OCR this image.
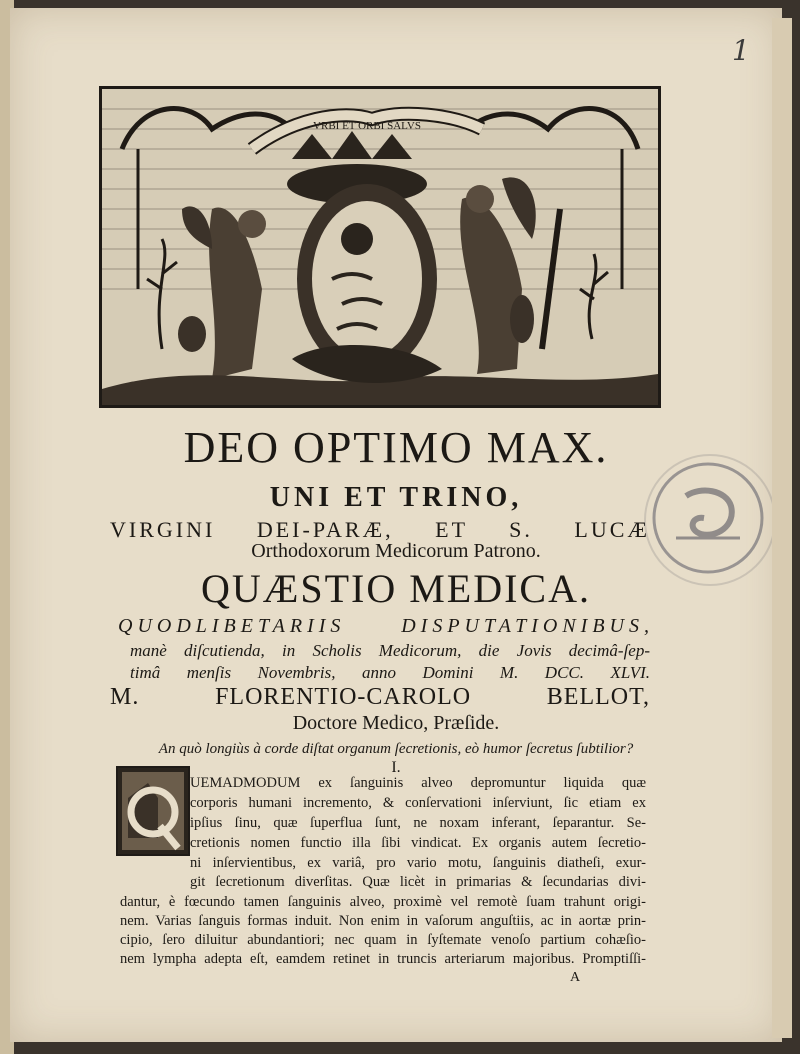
1
VRBI ET ORBI SALVS
DEO OPTIMO MAX.
UNI ET TRINO,
VIRGINI DEI-PARÆ, ET S. LUCÆ
Orthodoxorum Medicorum Patrono.
QUÆSTIO MEDICA.
QUODLIBETARIIS DISPUTATIONIBUS,
manè diſcutienda, in Scholis Medicorum, die Jovis decimâ-ſep-
timâ menſis Novembris, anno Domini M. DCC. XLVI.
M. FLORENTIO-CAROLO BELLOT,
Doctore Medico, Præſide.
An quò longiùs à corde diſtat organum ſecretionis, eò humor ſecretus ſubtilior?
I.
UEMADMODUM ex ſanguinis alveo depromuntur liquida quæ
corporis humani incremento, & conſervationi inſerviunt, ſic etiam ex
ipſius ſinu, quæ ſuperflua ſunt, ne noxam inferant, ſeparantur. Se-
cretionis nomen functio illa ſibi vindicat. Ex organis autem ſecretio-
ni inſervientibus, ex variâ, pro vario motu, ſanguinis diatheſi, exur-
git ſecretionum diverſitas. Quæ licèt in primarias & ſecundarias divi-
dantur, è fœcundo tamen ſanguinis alveo, proximè vel remotè ſuam trahunt origi-
nem. Varias ſanguis formas induit. Non enim in vaſorum anguſtiis, ac in aortæ prin-
cipio, ſero diluitur abundantiori; nec quam in ſyſtemate venoſo partium cohæſio-
nem lympha adepta eſt, eamdem retinet in truncis arteriarum majoribus. Promptiſſi-
A
